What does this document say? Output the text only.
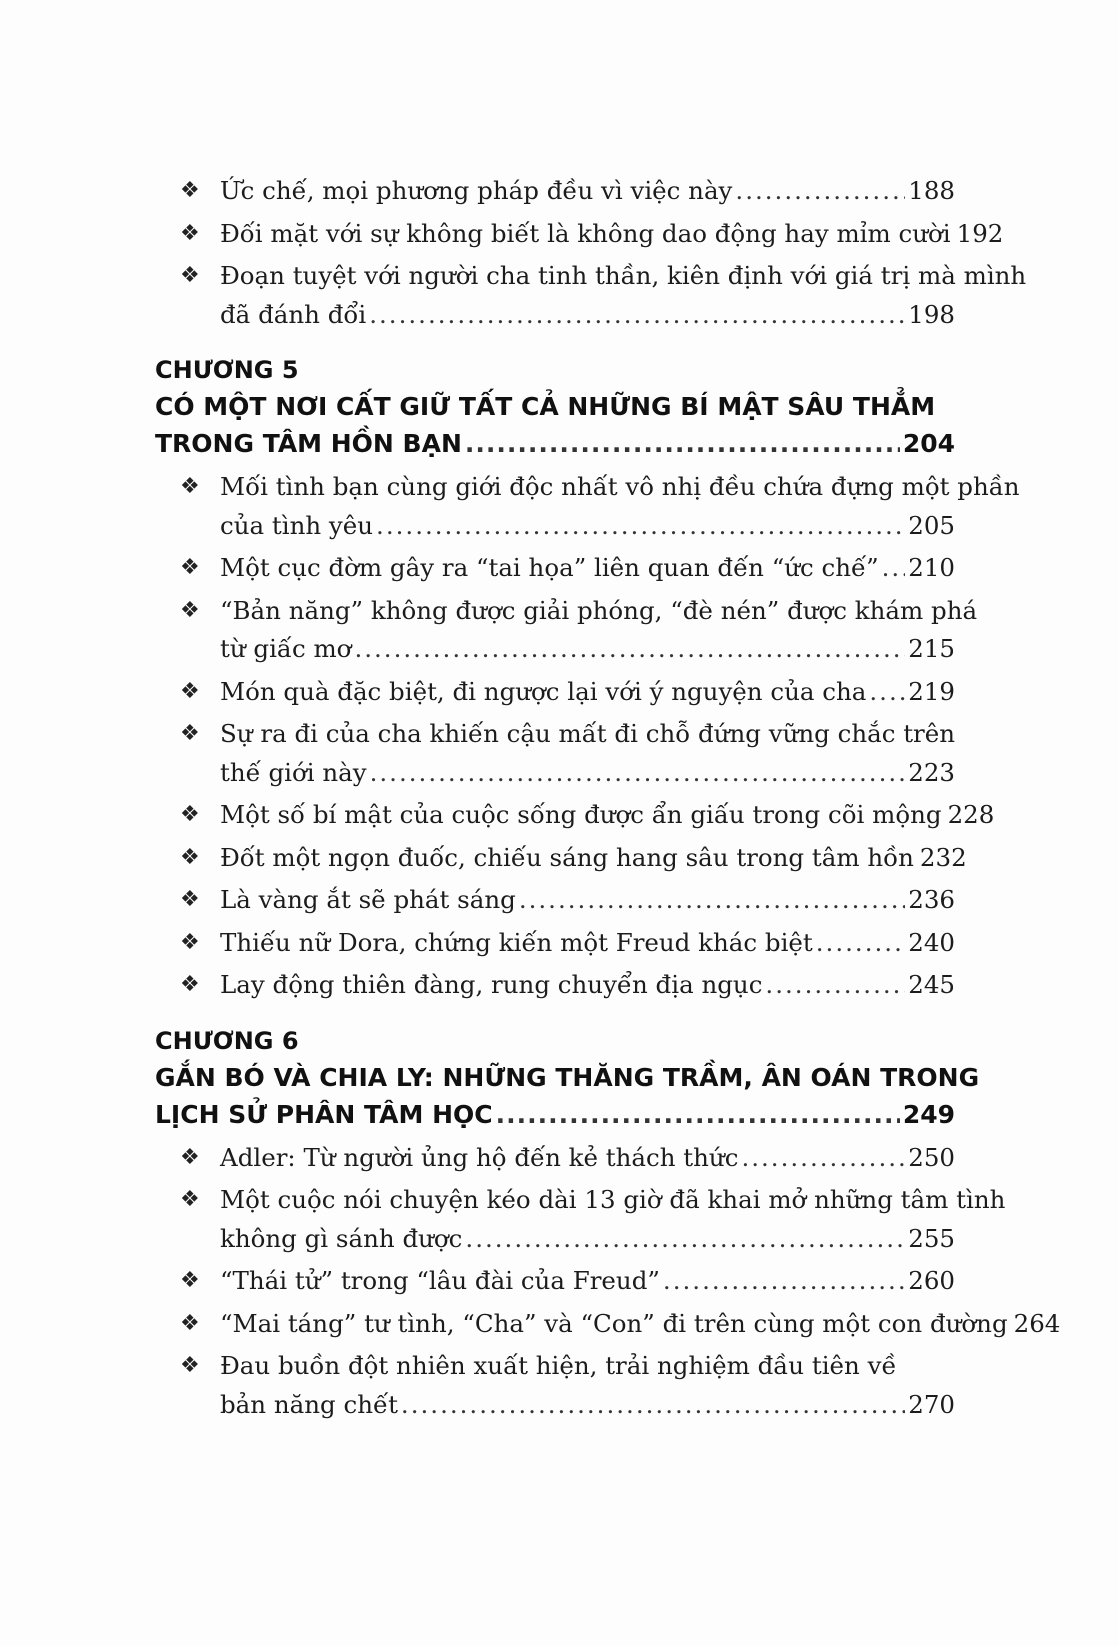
❖ Ức chế, mọi phương pháp đều vì việc này .....	188
❖ Đối mặt với sự không biết là không dao động hay mỉm cười 192
❖ Đoạn tuyệt với người cha tinh thần, kiên định với giá trị mà mình
đã đánh đổi .....	198
CHƯƠNG 5
CÓ MỘT NƠI CẤT GIỮ TẤT CẢ NHỮNG BÍ MẬT SÂU THẲM
TRONG TÂM HỒN BẠN .....	204
❖ Mối tình bạn cùng giới độc nhất vô nhị đều chứa đựng một phần
của tình yêu .....	205
❖ Một cục đờm gây ra “tai họa” liên quan đến “ức chế” ..... 210
❖ “Bản năng” không được giải phóng, “đè nén” được khám phá
từ giấc mơ .....	215
❖ Món quà đặc biệt, đi ngược lại với ý nguyện của cha ..... 219
❖ Sự ra đi của cha khiến cậu mất đi chỗ đứng vững chắc trên
thế giới này .....	223
❖ Một số bí mật của cuộc sống được ẩn giấu trong cõi mộng 228
❖ Đốt một ngọn đuốc, chiếu sáng hang sâu trong tâm hồn 232
❖ Là vàng ắt sẽ phát sáng .....	236
❖ Thiếu nữ Dora, chứng kiến một Freud khác biệt .....	240
❖ Lay động thiên đàng, rung chuyển địa ngục .....	245
CHƯƠNG 6
GẮN BÓ VÀ CHIA LY: NHỮNG THĂNG TRẦM, ÂN OÁN TRONG
LỊCH SỬ PHÂN TÂM HỌC .....	249
❖ Adler: Từ người ủng hộ đến kẻ thách thức .....	250
❖ Một cuộc nói chuyện kéo dài 13 giờ đã khai mở những tâm tình
không gì sánh được .....	255
❖ “Thái tử” trong “lâu đài của Freud” .....	260
❖ “Mai táng” tư tình, “Cha” và “Con” đi trên cùng một con đường 264
❖ Đau buồn đột nhiên xuất hiện, trải nghiệm đầu tiên về
bản năng chết .....	270
